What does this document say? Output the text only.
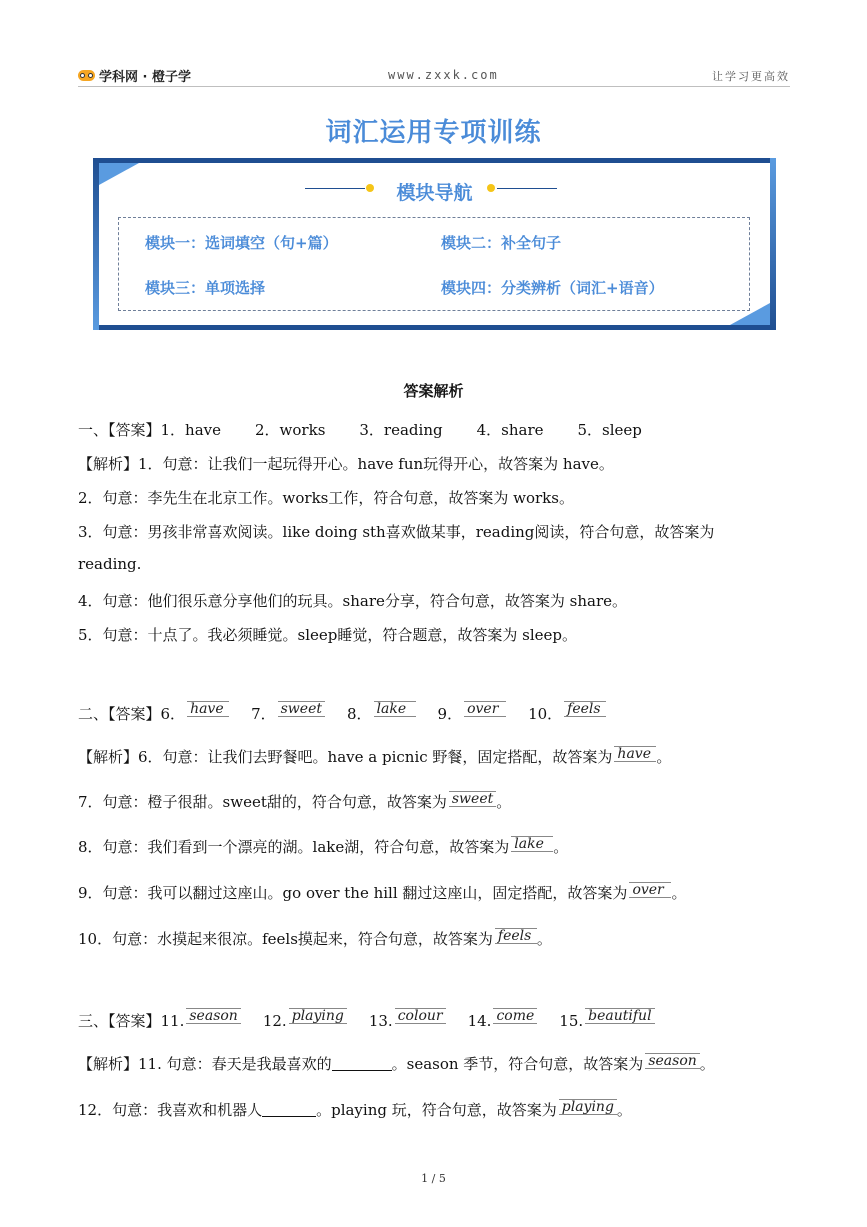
学科网 · 橙子学	www.zxxk.com	让学习更高效
词汇运用专项训练
模块导航
模块一：选词填空（句+篇）	模块二：补全句子
模块三：单项选择	模块四：分类辨析（词汇+语音）
答案解析
一、【答案】1．have 2．works 3．reading 4．share 5．sleep
【解析】1．句意：让我们一起玩得开心。have fun玩得开心，故答案为 have。
2．句意：李先生在北京工作。works工作，符合句意，故答案为 works。
3．句意：男孩非常喜欢阅读。like doing sth喜欢做某事，reading阅读，符合句意，故答案为
reading.
4．句意：他们很乐意分享他们的玩具。share分享，符合句意，故答案为 share。
5．句意：十点了。我必须睡觉。sleep睡觉，符合题意，故答案为 sleep。
二、【答案】6． have 7． sweet 8． lake 9． over 10． feels
【解析】6．句意：让我们去野餐吧。have a picnic 野餐，固定搭配，故答案为 have 。
7．句意：橙子很甜。sweet甜的，符合句意，故答案为 sweet 。
8．句意：我们看到一个漂亮的湖。lake湖，符合句意，故答案为 lake 。
9．句意：我可以翻过这座山。go over the hill 翻过这座山，固定搭配，故答案为 over 。
10．句意：水摸起来很凉。feels摸起来，符合句意，故答案为 feels 。
三、【答案】11. season 12. playing 13. colour 14. come 15. beautiful
【解析】11. 句意：春天是我最喜欢的	。season 季节，符合句意，故答案为 season 。
12．句意：我喜欢和机器人	。playing 玩，符合句意，故答案为 playing 。
1 / 5
